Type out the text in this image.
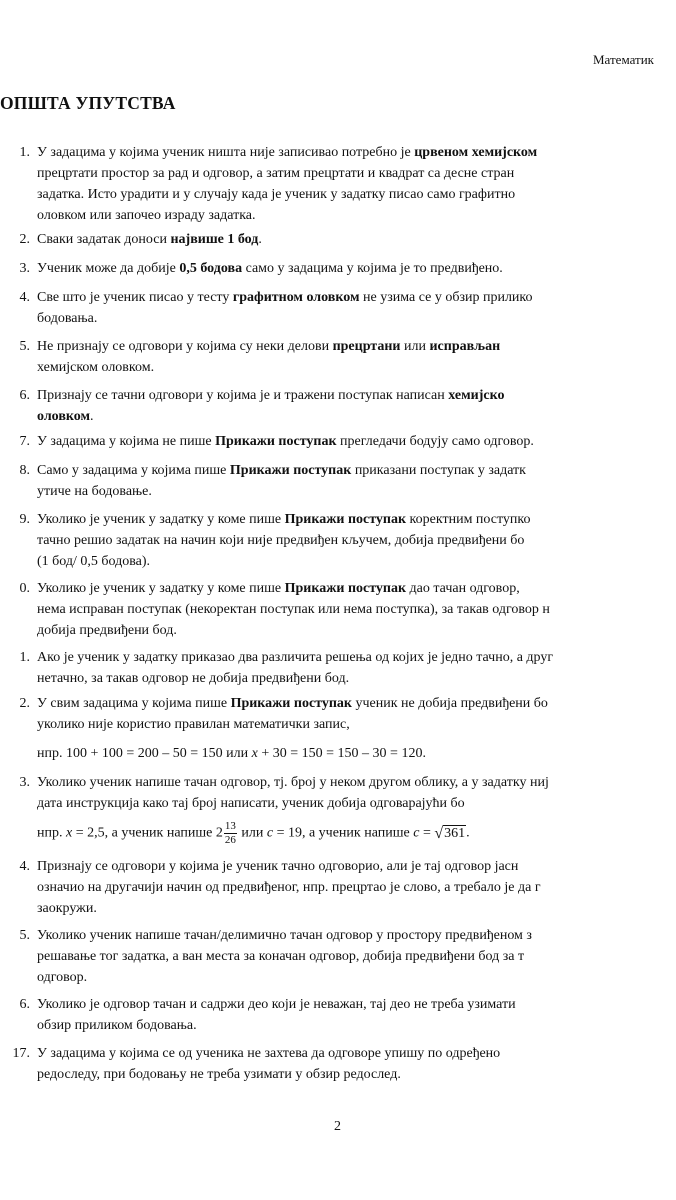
Математик
ОПШТА УПУТСТВА
1. У задацима у којима ученик ништа није записивао потребно је црвеном хемијском
прецртати простор за рад и одговор, а затим прецртати и квадрат са десне стран
задатка. Исто урадити и у случају када је ученик у задатку писао само графитно
оловком или започео израду задатка.
2. Сваки задатак доноси највише 1 бод.
3. Ученик може да добије 0,5 бодова само у задацима у којима је то предвиђено.
4. Све што је ученик писао у тесту графитном оловком не узима се у обзир прилико
бодовања.
5. Не признају се одговори у којима су неки делови прецртани или исправљан
хемијском оловком.
6. Признају се тачни одговори у којима је и тражени поступак написан хемијско
оловком.
7. У задацима у којима не пише Прикажи поступак прегледачи бодују само одговор.
8. Само у задацима у којима пише Прикажи поступак приказани поступак у задатк
утиче на бодовање.
9. Уколико је ученик у задатку у коме пише Прикажи поступак коректним поступко
тачно решио задатак на начин који није предвиђен кључем, добија предвиђени бо
(1 бод/ 0,5 бодова).
0. Уколико је ученик у задатку у коме пише Прикажи поступак дао тачан одговор,
нема исправан поступак (некоректан поступак или нема поступка), за такав одговор н
добија предвиђени бод.
1. Ако је ученик у задатку приказао два различита решења од којих је једно тачно, а друг
нетачно, за такав одговор не добија предвиђени бод.
2. У свим задацима у којима пише Прикажи поступак ученик не добија предвиђени бо
уколико није користио правилан математички запис,
нпр. 100 + 100 = 200 – 50 = 150 или x + 30 = 150 = 150 – 30 = 120.
3. Уколико ученик напише тачан одговор, тј. број у неком другом облику, а у задатку ниј
дата инструкција како тај број написати, ученик добија одговарајући бо
нпр. x = 2,5, а ученик напише $2 \frac{13}{26}$ или c = 19, а ученик напише c = √361.
4. Признају се одговори у којима је ученик тачно одговорио, али је тај одговор јасн
означио на другачији начин од предвиђеног, нпр. прецртао је слово, а требало је да г
заокружи.
5. Уколико ученик напише тачан/делимично тачан одговор у простору предвиђеном з
решавање тог задатка, а ван места за коначан одговор, добија предвиђени бод за т
одговор.
6. Уколико је одговор тачан и садржи део који је неважан, тај део не треба узимати
обзир приликом бодовања.
17. У задацима у којима се од ученика не захтева да одговоре упишу по одређено
редоследу, при бодовању не треба узимати у обзир редослед.
2
